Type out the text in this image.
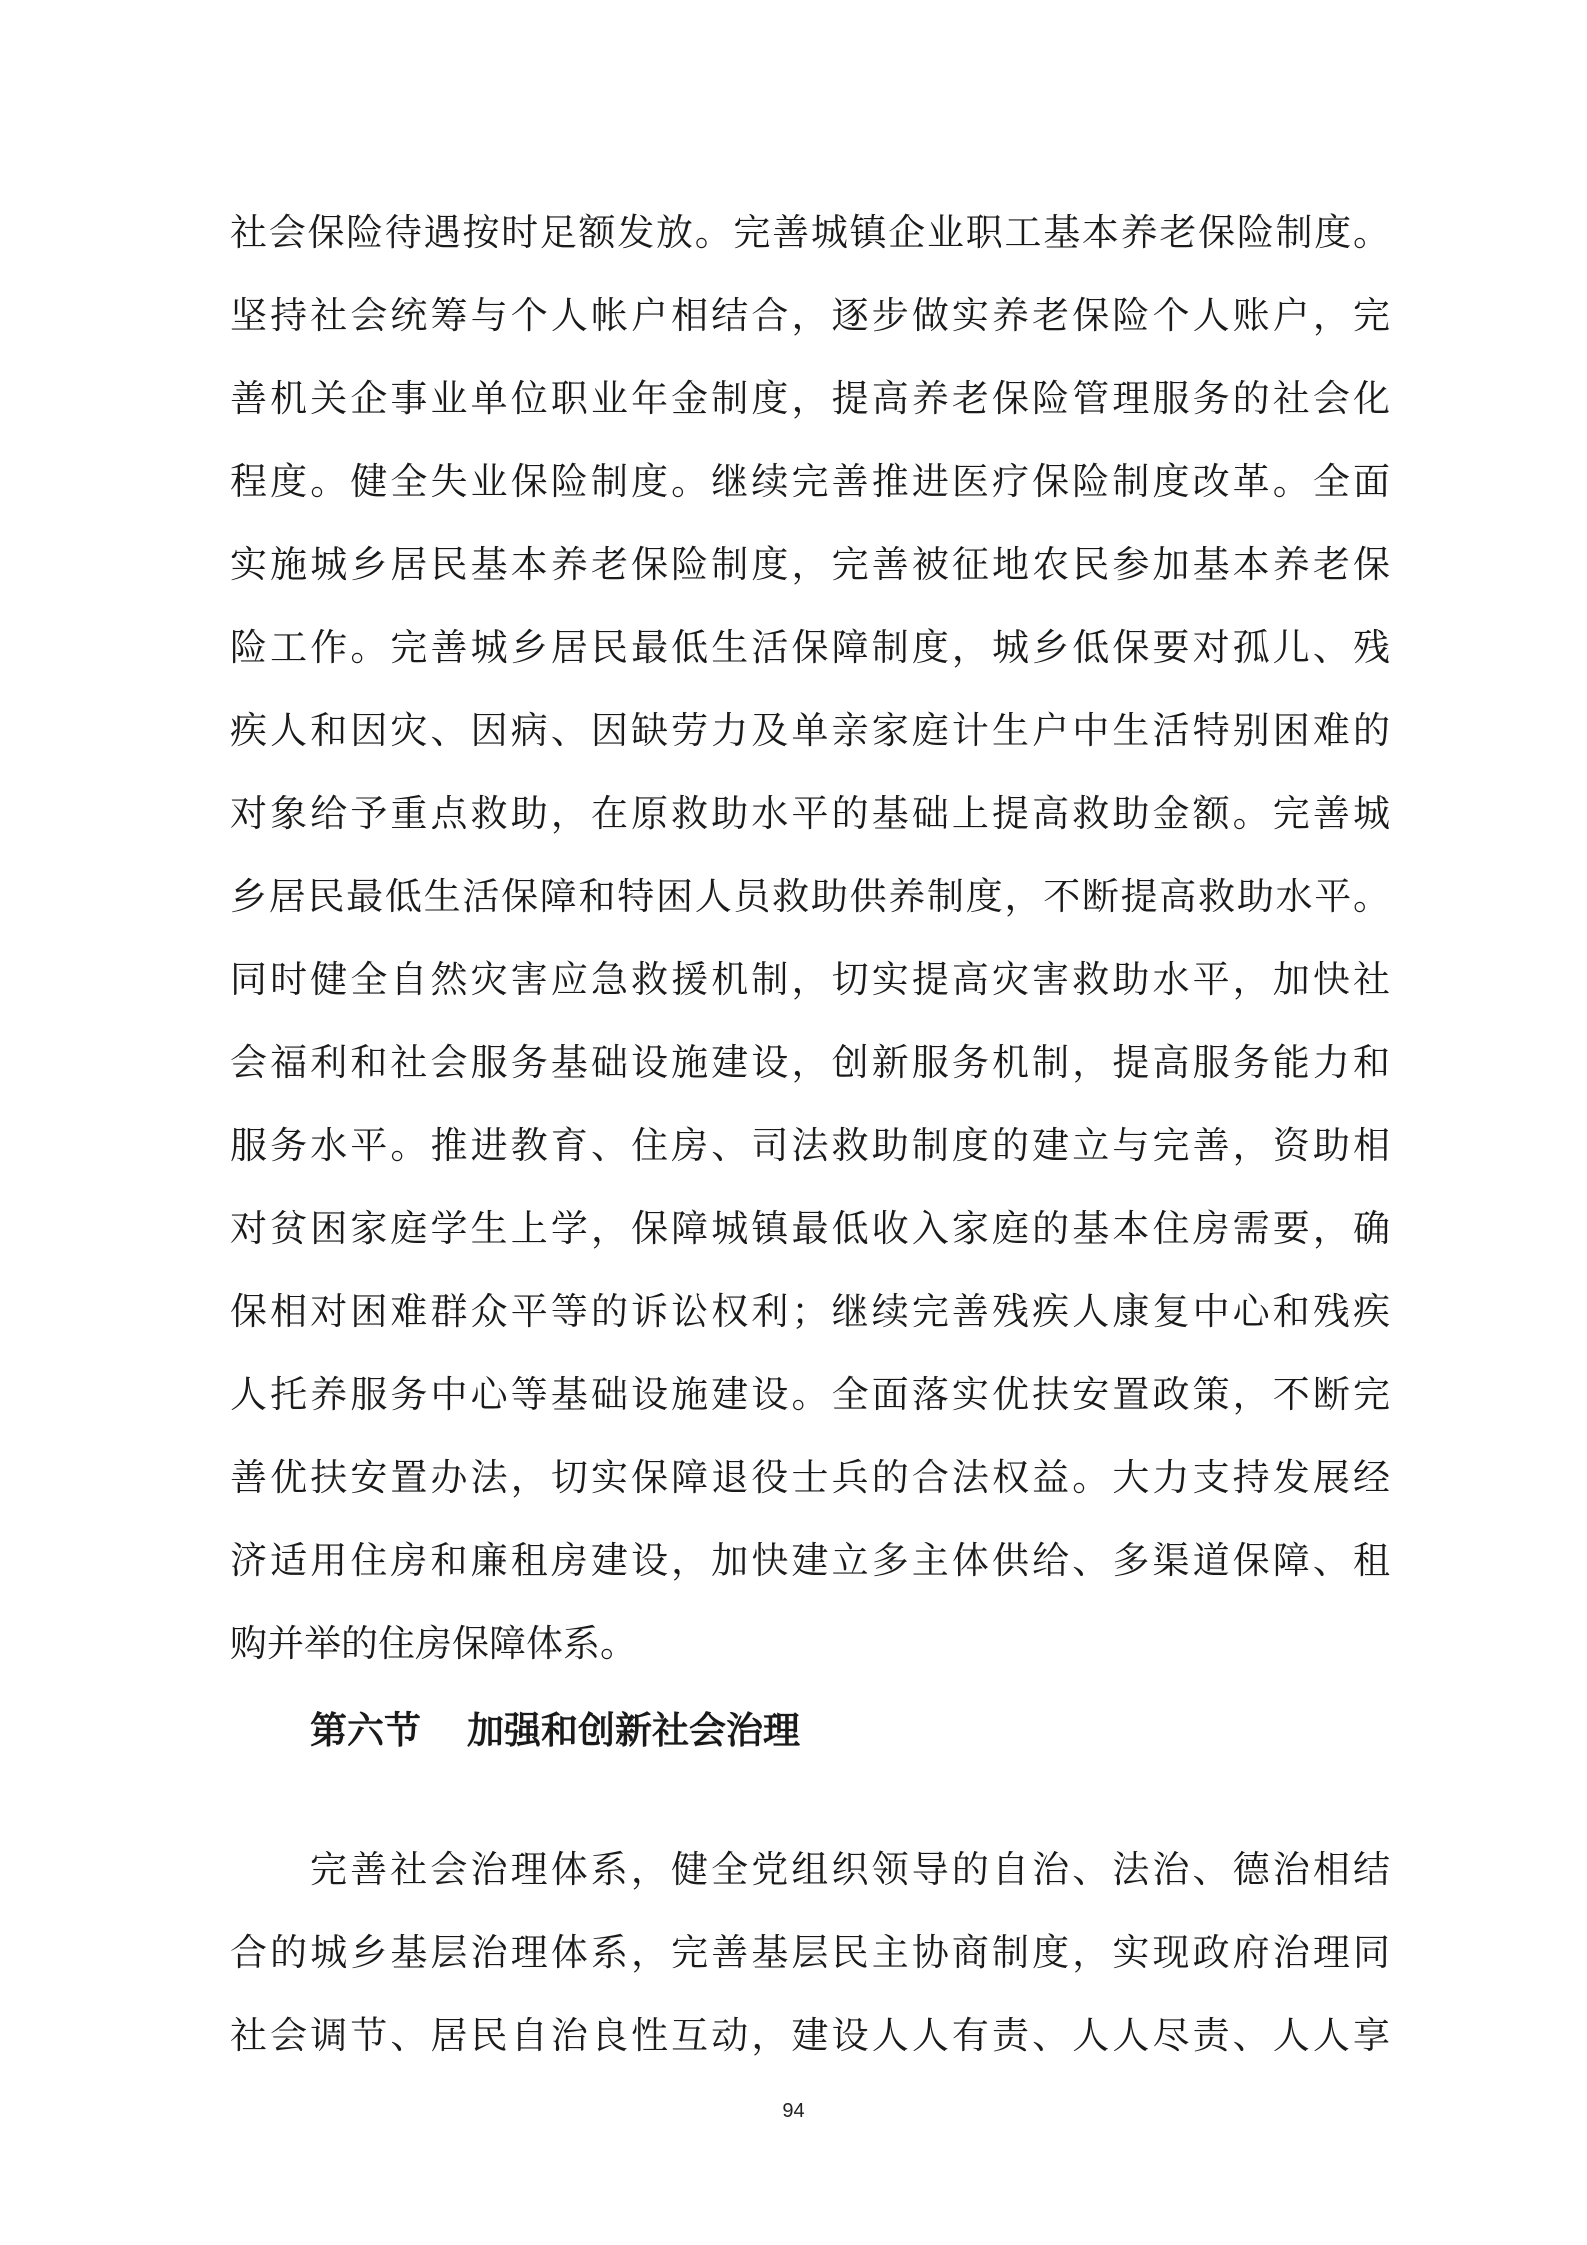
社会保险待遇按时足额发放。完善城镇企业职工基本养老保险制度。
坚持社会统筹与个人帐户相结合，逐步做实养老保险个人账户，完
善机关企事业单位职业年金制度，提高养老保险管理服务的社会化
程度。健全失业保险制度。继续完善推进医疗保险制度改革。全面
实施城乡居民基本养老保险制度，完善被征地农民参加基本养老保
险工作。完善城乡居民最低生活保障制度，城乡低保要对孤儿、残
疾人和因灾、因病、因缺劳力及单亲家庭计生户中生活特别困难的
对象给予重点救助，在原救助水平的基础上提高救助金额。完善城
乡居民最低生活保障和特困人员救助供养制度，不断提高救助水平。
同时健全自然灾害应急救援机制，切实提高灾害救助水平，加快社
会福利和社会服务基础设施建设，创新服务机制，提高服务能力和
服务水平。推进教育、住房、司法救助制度的建立与完善，资助相
对贫困家庭学生上学，保障城镇最低收入家庭的基本住房需要，确
保相对困难群众平等的诉讼权利；继续完善残疾人康复中心和残疾
人托养服务中心等基础设施建设。全面落实优扶安置政策，不断完
善优扶安置办法，切实保障退役士兵的合法权益。大力支持发展经
济适用住房和廉租房建设，加快建立多主体供给、多渠道保障、租
购并举的住房保障体系。
第六节 加强和创新社会治理
完善社会治理体系，健全党组织领导的自治、法治、德治相结
合的城乡基层治理体系，完善基层民主协商制度，实现政府治理同
社会调节、居民自治良性互动，建设人人有责、人人尽责、人人享
94
